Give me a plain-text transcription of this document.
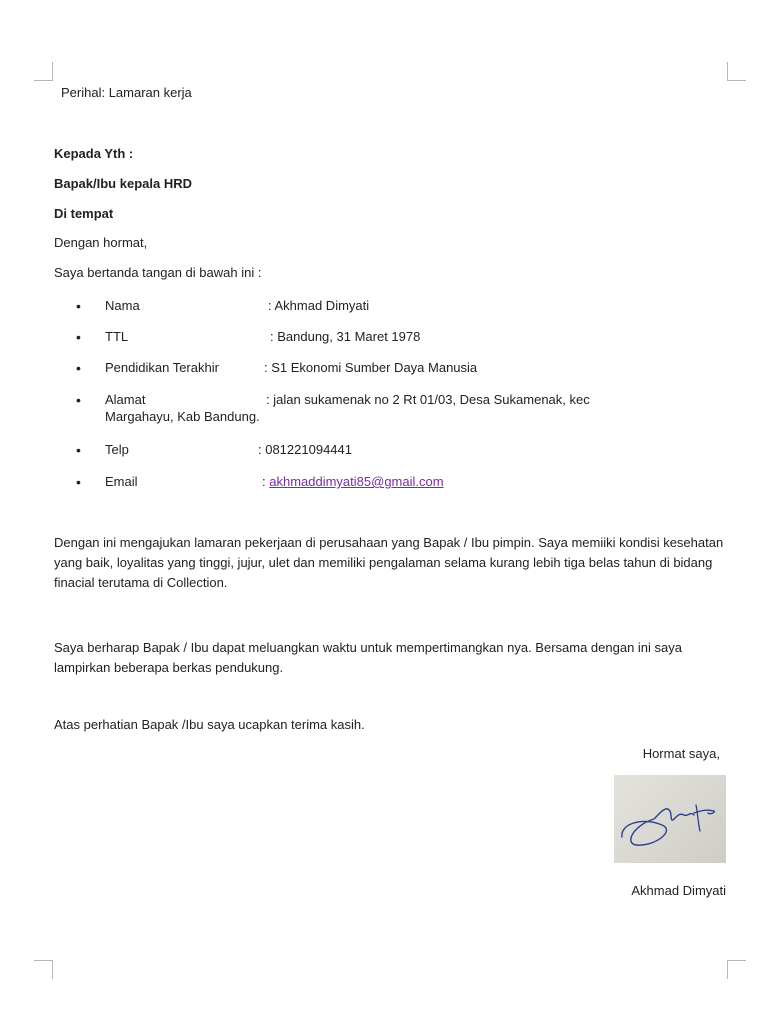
Perihal: Lamaran kerja
Kepada Yth :
Bapak/Ibu kepala HRD
Di tempat
Dengan hormat,
Saya bertanda tangan di bawah ini :
• Nama	: Akhmad Dimyati
• TTL	: Bandung, 31 Maret 1978
• Pendidikan Terakhir	: S1 Ekonomi Sumber Daya Manusia
• Alamat	: jalan sukamenak no 2 Rt 01/03, Desa Sukamenak, kec
Margahayu, Kab Bandung.
• Telp	: 081221094441
• Email	: akhmaddimyati85@gmail.com
Dengan ini mengajukan lamaran pekerjaan di perusahaan yang Bapak / Ibu pimpin. Saya memiiki kondisi kesehatan yang baik, loyalitas yang tinggi, jujur, ulet dan memiliki pengalaman selama kurang lebih tiga belas tahun di bidang finacial terutama di Collection.
Saya berharap Bapak / Ibu dapat meluangkan waktu untuk mempertimangkan nya. Bersama dengan ini saya lampirkan beberapa berkas pendukung.
Atas perhatian Bapak /Ibu saya ucapkan terima kasih.
Hormat saya,
Akhmad Dimyati
